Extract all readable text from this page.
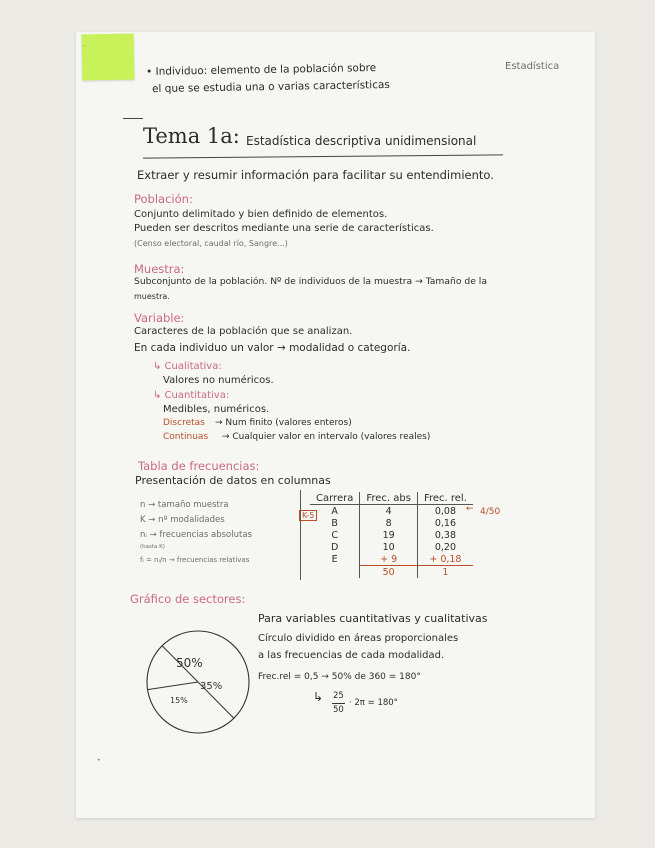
—
• Individuo: elemento de la población sobre
el que se estudia una o varias características
Estadística
Tema 1a: Estadística descriptiva unidimensional
Extraer y resumir información para facilitar su entendimiento.
Población:
Conjunto delimitado y bien definido de elementos.
Pueden ser descritos mediante una serie de características.
(Censo electoral, caudal río, Sangre...)
Muestra:
Subconjunto de la población. Nº de individuos de la muestra → Tamaño de la
muestra.
Variable:
Caracteres de la población que se analizan.
En cada individuo un valor → modalidad o categoría.
↳ Cualitativa:
Valores no numéricos.
↳ Cuantitativa:
Medibles, numéricos.
Discretas → Num finito (valores enteros)
Continuas → Cualquier valor en intervalo (valores reales)
Tabla de frecuencias:
Presentación de datos en columnas
n → tamaño muestra
K → nº modalidades
nᵢ → frecuencias absolutas
(hasta K)
fᵢ = nᵢ/n → frecuencias relativas
K-5
Carrera	Frec. abs	Frec. rel.
A	4	0,08
B	8	0,16
C	19	0,38
D	10	0,20
E	+ 9	+ 0,18
	50	1
4/50
←
Gráfico de sectores:
Para variables cuantitativas y cualitativas
Círculo dividido en áreas proporcionales
a las frecuencias de cada modalidad.
Frec.rel = 0,5 → 50% de 360 = 180°
↳ 25
50
· 2π = 180°
50%
35%
15%
•
